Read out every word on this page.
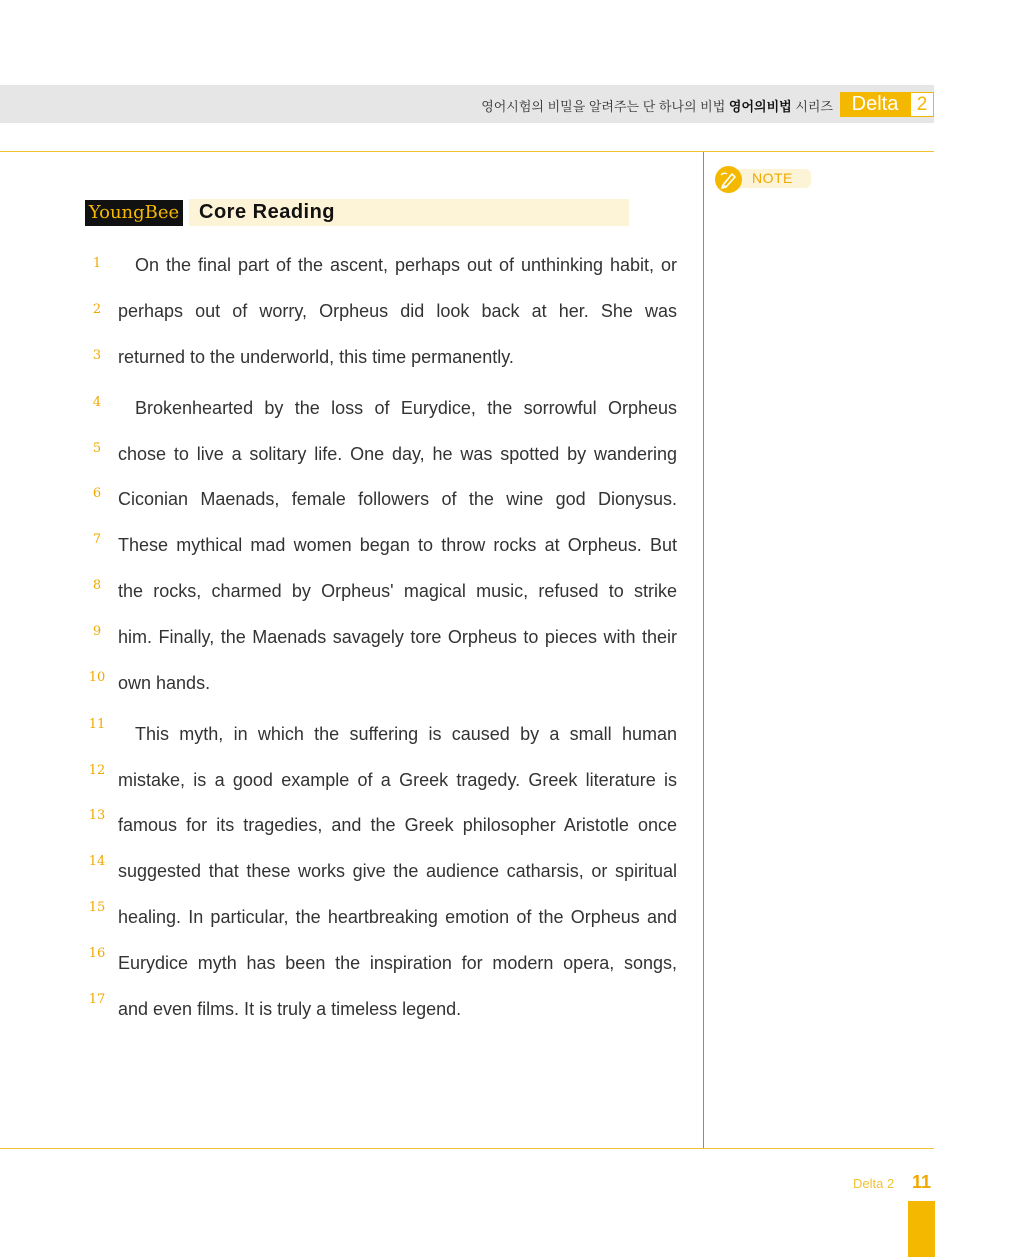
영어시험의 비밀을 알려주는 단 하나의 비법 영어의비법 시리즈 Delta 2
NOTE
YoungBee Core Reading
1	On the final part of the ascent, perhaps out of unthinking habit, or
2 perhaps out of worry, Orpheus did look back at her. She was
3 returned to the underworld, this time permanently.
4	Brokenhearted by the loss of Eurydice, the sorrowful Orpheus
5 chose to live a solitary life. One day, he was spotted by wandering
6 Ciconian Maenads, female followers of the wine god Dionysus.
7 These mythical mad women began to throw rocks at Orpheus. But
8 the rocks, charmed by Orpheus' magical music, refused to strike
9 him. Finally, the Maenads savagely tore Orpheus to pieces with their
10 own hands.
11 This myth, in which the suffering is caused by a small human
12 mistake, is a good example of a Greek tragedy. Greek literature is
13 famous for its tragedies, and the Greek philosopher Aristotle once
14 suggested that these works give the audience catharsis, or spiritual
15 healing. In particular, the heartbreaking emotion of the Orpheus and
16 Eurydice myth has been the inspiration for modern opera, songs,
17 and even films. It is truly a timeless legend.
Delta 2 11
